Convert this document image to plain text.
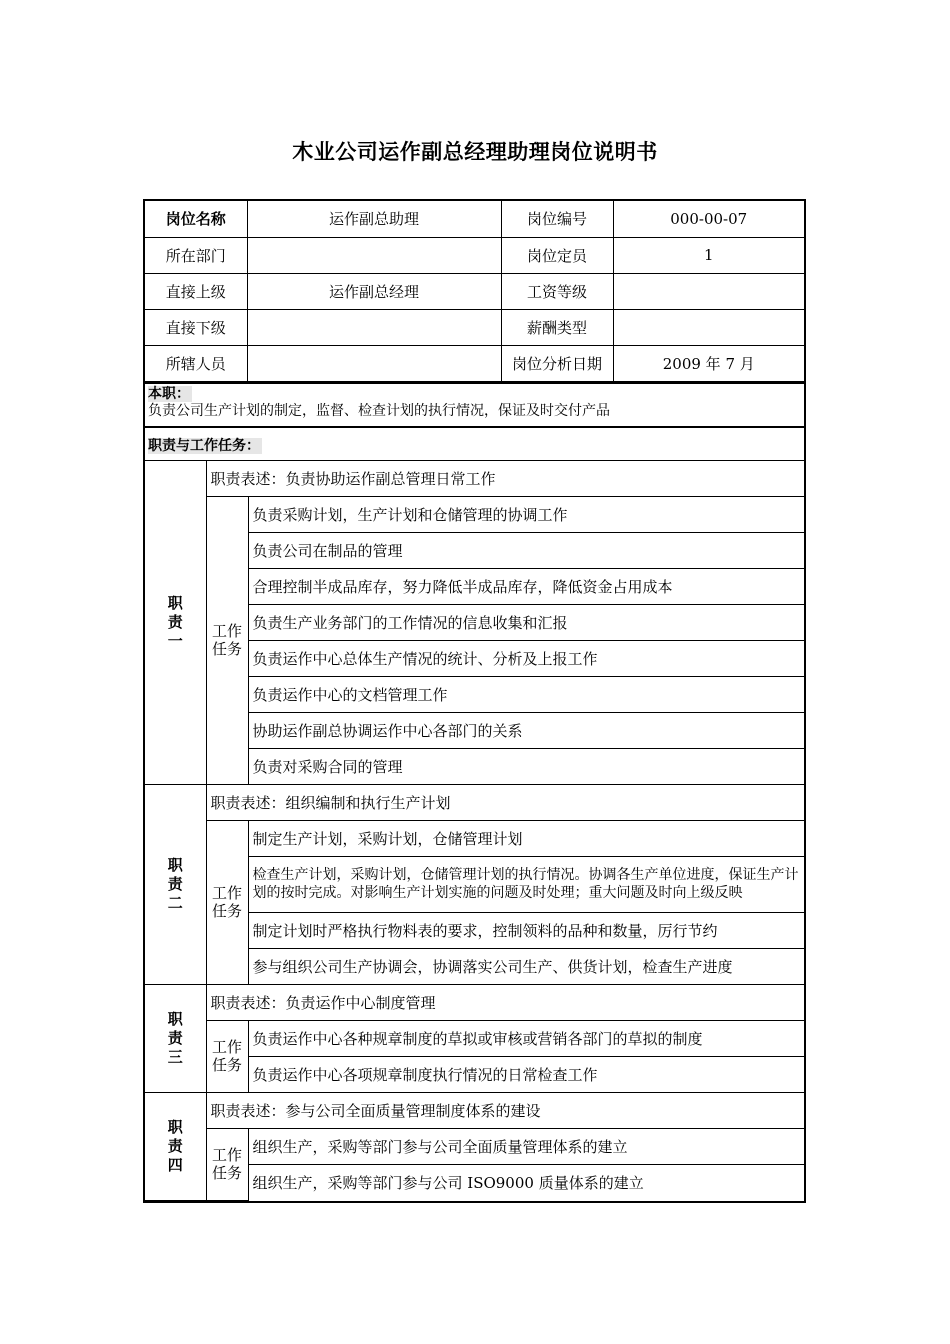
木业公司运作副总经理助理岗位说明书
岗位名称	运作副总助理	岗位编号	000-00-07
所在部门		岗位定员	1
直接上级	运作副总经理	工资等级	
直接下级		薪酬类型	
所辖人员		岗位分析日期	2009 年 7 月
本职：
负责公司生产计划的制定，监督、检查计划的执行情况，保证及时交付产品
职责与工作任务：
职责一	职责表述：负责协助运作副总管理日常工作	
	工作任务	负责采购计划，生产计划和仓储管理的协调工作
		负责公司在制品的管理
		合理控制半成品库存，努力降低半成品库存，降低资金占用成本
		负责生产业务部门的工作情况的信息收集和汇报
		负责运作中心总体生产情况的统计、分析及上报工作
		负责运作中心的文档管理工作
		协助运作副总协调运作中心各部门的关系
		负责对采购合同的管理
职责二	职责表述：组织编制和执行生产计划	
	工作任务	制定生产计划，采购计划，仓储管理计划
		检查生产计划，采购计划，仓储管理计划的执行情况。协调各生产单位进度，保证生产计划的按时完成。对影响生产计划实施的问题及时处理；重大问题及时向上级反映
		制定计划时严格执行物料表的要求，控制领料的品种和数量，厉行节约
		参与组织公司生产协调会，协调落实公司生产、供货计划，检查生产进度
职责三	职责表述：负责运作中心制度管理	
	工作任务	负责运作中心各种规章制度的草拟或审核或营销各部门的草拟的制度
		负责运作中心各项规章制度执行情况的日常检查工作
职责四	职责表述：参与公司全面质量管理制度体系的建设	
	工作任务	组织生产，采购等部门参与公司全面质量管理体系的建立
		组织生产，采购等部门参与公司 ISO9000 质量体系的建立
